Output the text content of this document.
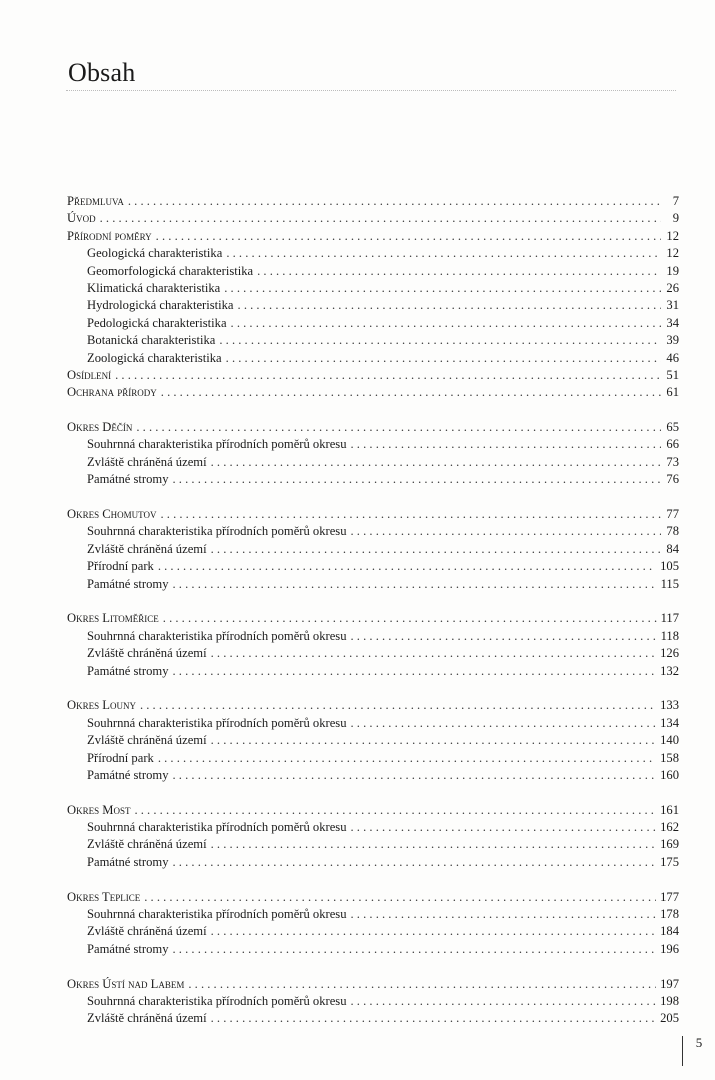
Obsah
Předmluva . . .	7
Úvod . . .	9
Přírodní poměry . . .	12
Geologická charakteristika . . .	12
Geomorfologická charakteristika . . .	19
Klimatická charakteristika . . .	26
Hydrologická charakteristika . . .	31
Pedologická charakteristika . . .	34
Botanická charakteristika . . .	39
Zoologická charakteristika . . .	46
Osídlení . . .	51
Ochrana přírody . . .	61
Okres Děčín . . .	65
Souhrnná charakteristika přírodních poměrů okresu . . .	66
Zvláště chráněná území . . .	73
Památné stromy . . .	76
Okres Chomutov . . .	77
Souhrnná charakteristika přírodních poměrů okresu . . .	78
Zvláště chráněná území . . .	84
Přírodní park . . .	105
Památné stromy . . .	115
Okres Litoměřice . . .	117
Souhrnná charakteristika přírodních poměrů okresu . . .	118
Zvláště chráněná území . . .	126
Památné stromy . . .	132
Okres Louny . . .	133
Souhrnná charakteristika přírodních poměrů okresu . . .	134
Zvláště chráněná území . . .	140
Přírodní park . . .	158
Památné stromy . . .	160
Okres Most . . .	161
Souhrnná charakteristika přírodních poměrů okresu . . .	162
Zvláště chráněná území . . .	169
Památné stromy . . .	175
Okres Teplice . . .	177
Souhrnná charakteristika přírodních poměrů okresu . . .	178
Zvláště chráněná území . . .	184
Památné stromy . . .	196
Okres Ústí nad Labem . . .	197
Souhrnná charakteristika přírodních poměrů okresu . . .	198
Zvláště chráněná území . . .	205
5
